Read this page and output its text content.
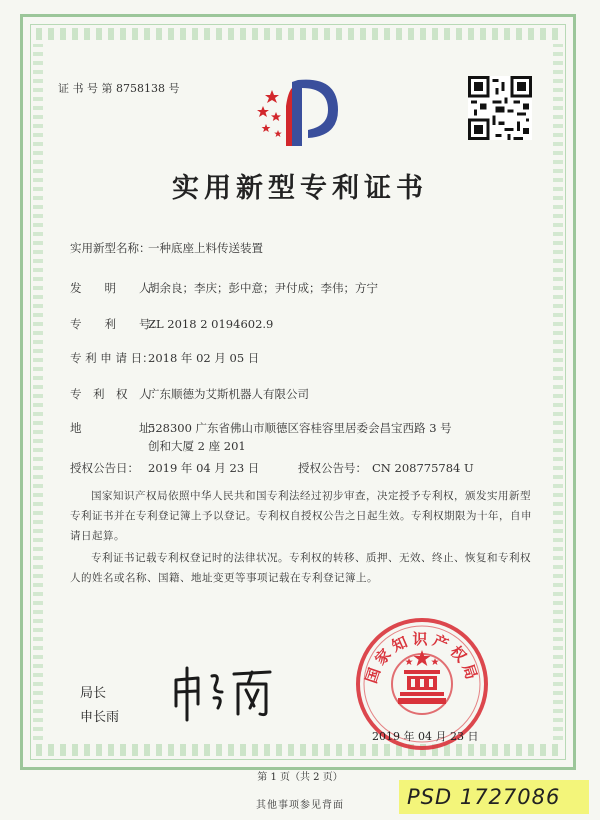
证 书 号 第 8758138 号
实用新型专利证书
实用新型名称：一种底座上料传送装置
发　　明　　人：胡余良；李庆；彭中意；尹付成；李伟；方宁
专　　利　　号：ZL 2018 2 0194602.9
专 利 申 请 日：2018 年 02 月 05 日
专　利　权　人：广东顺德为艾斯机器人有限公司
地　　　　　址：528300 广东省佛山市顺德区容桂容里居委会昌宝西路 3 号
创和大厦 2 座 201
授权公告日： 2019 年 04 月 23 日	授权公告号： CN 208775784 U
国家知识产权局依照中华人民共和国专利法经过初步审查，决定授予专利权，颁发实用新型专利证书并在专利登记簿上予以登记。专利权自授权公告之日起生效。专利权期限为十年，自申请日起算。
专利证书记载专利权登记时的法律状况。专利权的转移、质押、无效、终止、恢复和专利权人的姓名或名称、国籍、地址变更等事项记载在专利登记簿上。
局长
申长雨
国家知识产权局
2019 年 04 月 23 日
第 1 页（共 2 页）
其他事项参见背面	PSD 1727086
